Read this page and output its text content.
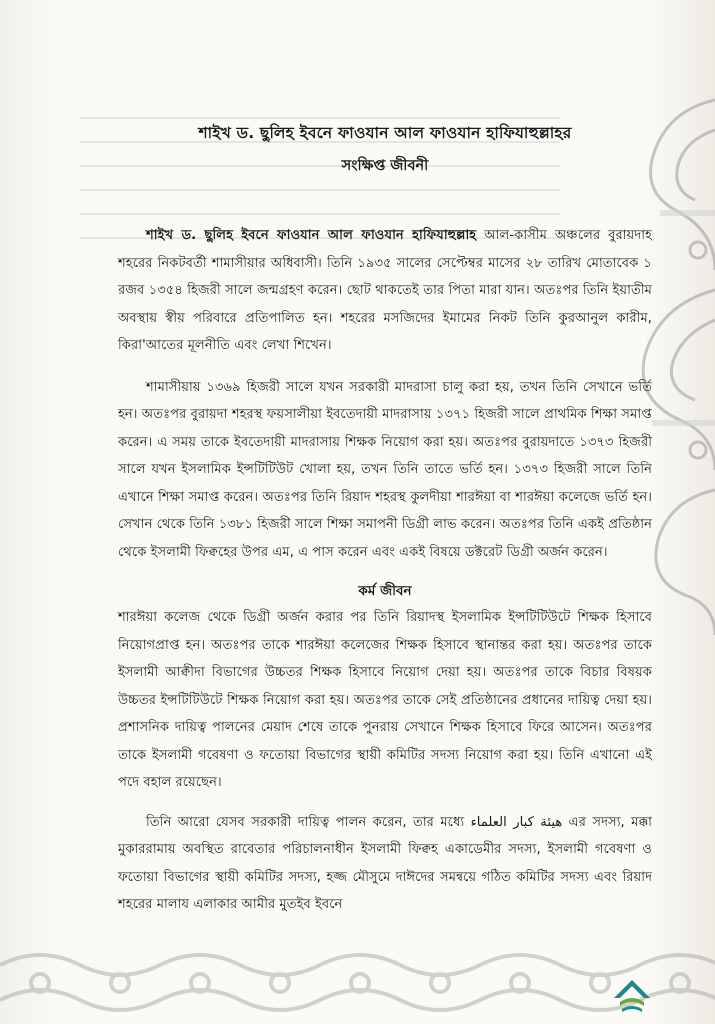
শাইখ ড. ছুলিহ ইবনে ফাওযান আল ফাওযান হাফিযাহুল্লাহর
সংক্ষিপ্ত জীবনী

শাইখ ড. ছুলিহ ইবনে ফাওযান আল ফাওযান হাফিযাহুল্লাহ আল-কাসীম অঞ্চলের বুরায়দাহ শহরের নিকটবর্তী শামাসীয়ার অধিবাসী। তিনি ১৯৩৫ সালের সেপ্টেম্বর মাসের ২৮ তারিখ মোতাবেক ১ রজব ১৩৫৪ হিজরী সালে জন্মগ্রহণ করেন। ছোট থাকতেই তার পিতা মারা যান। অতঃপর তিনি ইয়াতীম অবস্থায় স্বীয় পরিবারে প্রতিপালিত হন। শহরের মসজিদের ইমামের নিকট তিনি কুরআনুল কারীম, কিরা'আতের মূলনীতি এবং লেখা শিখেন।

শামাসীয়ায় ১৩৬৯ হিজরী সালে যখন সরকারী মাদরাসা চালু করা হয়, তখন তিনি সেখানে ভর্তি হন। অতঃপর বুরায়দা শহরস্থ ফয়সালীয়া ইবতেদায়ী মাদরাসায় ১৩৭১ হিজরী সালে প্রাথমিক শিক্ষা সমাপ্ত করেন। এ সময় তাকে ইবতেদায়ী মাদরাসায় শিক্ষক নিয়োগ করা হয়। অতঃপর বুরায়দাতে ১৩৭৩ হিজরী সালে যখন ইসলামিক ইন্সটিটিউট খোলা হয়, তখন তিনি তাতে ভর্তি হন। ১৩৭৩ হিজরী সালে তিনি এখানে শিক্ষা সমাপ্ত করেন। অতঃপর তিনি রিয়াদ শহরস্থ কুলদীয়া শারঈয়া বা শারঈয়া কলেজে ভর্তি হন। সেখান থেকে তিনি ১৩৮১ হিজরী সালে শিক্ষা সমাপনী ডিগ্রী লাভ করেন। অতঃপর তিনি একই প্রতিষ্ঠান থেকে ইসলামী ফিক্বহের উপর এম, এ পাস করেন এবং একই বিষয়ে ডক্টরেট ডিগ্রী অর্জন করেন।

কর্ম জীবন

শারঈয়া কলেজ থেকে ডিগ্রী অর্জন করার পর তিনি রিয়াদস্থ ইসলামিক ইন্সটিটিউটে শিক্ষক হিসাবে নিয়োগপ্রাপ্ত হন। অতঃপর তাকে শারঈয়া কলেজের শিক্ষক হিসাবে স্থানান্তর করা হয়। অতঃপর তাকে ইসলামী আক্বীদা বিভাগের উচ্চতর শিক্ষক হিসাবে নিয়োগ দেয়া হয়। অতঃপর তাকে বিচার বিষয়ক উচ্চতর ইন্সটিটিউটে শিক্ষক নিয়োগ করা হয়। অতঃপর তাকে সেই প্রতিষ্ঠানের প্রধানের দায়িত্ব দেয়া হয়। প্রশাসনিক দায়িত্ব পালনের মেয়াদ শেষে তাকে পুনরায় সেখানে শিক্ষক হিসাবে ফিরে আসেন। অতঃপর তাকে ইসলামী গবেষণা ও ফতোয়া বিভাগের স্থায়ী কমিটির সদস্য নিয়োগ করা হয়। তিনি এখানো এই পদে বহাল রয়েছেন।

তিনি আরো যেসব সরকারী দায়িত্ব পালন করেন, তার মধ্যে هيئة كبار العلماء এর সদস্য, মক্কা মুকাররামায় অবস্থিত রাবেতার পরিচালনাধীন ইসলামী ফিক্বহ একাডেমীর সদস্য, ইসলামী গবেষণা ও ফতোয়া বিভাগের স্থায়ী কমিটির সদস্য, হজ্জ মৌসুমে দাঈদের সমন্বয়ে গঠিত কমিটির সদস্য এবং রিয়াদ শহরের মালায এলাকার আমীর মুতইব ইবনে
